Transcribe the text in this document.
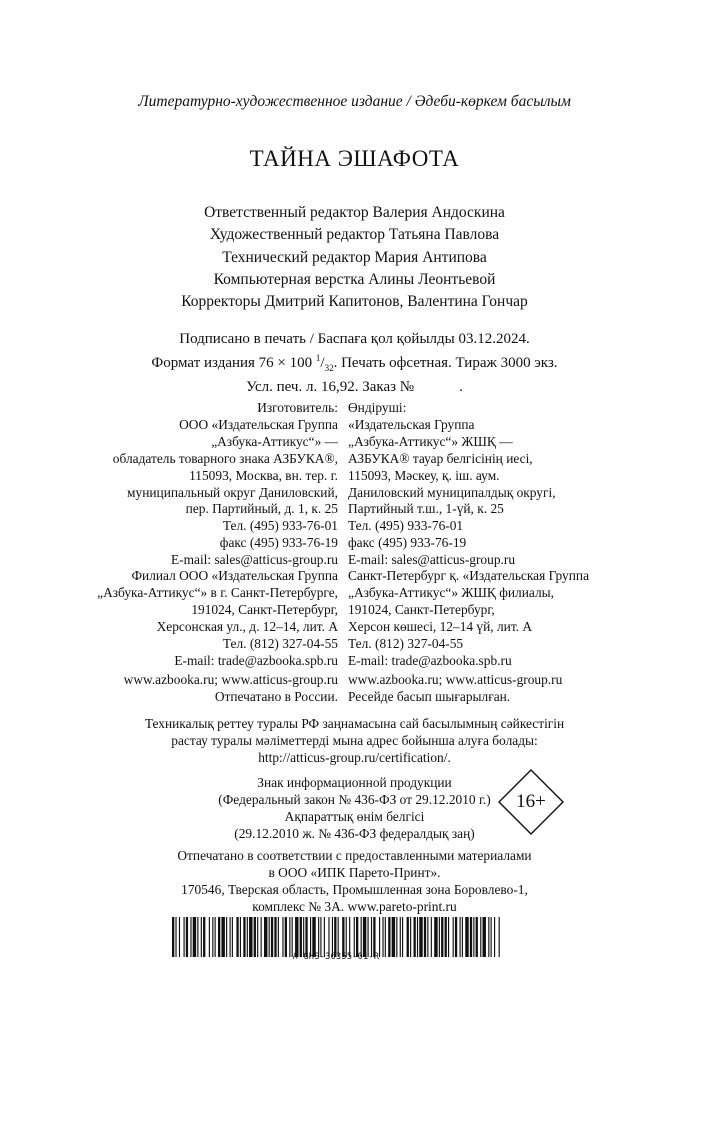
Литературно-художественное издание / Әдеби-көркем басылым
ТАЙНА ЭШАФОТА
Ответственный редактор Валерия Андоскина
Художественный редактор Татьяна Павлова
Технический редактор Мария Антипова
Компьютерная верстка Алины Леонтьевой
Корректоры Дмитрий Капитонов, Валентина Гончар
Подписано в печать / Баспаға қол қойылды 03.12.2024.
Формат издания 76 × 100 $^1/_{32}$. Печать офсетная. Тираж 3000 экз.
Усл. печ. л. 16,92. Заказ №            .
Изготовитель:
ООО «Издательская Группа
„Азбука-Аттикус“» —
обладатель товарного знака АЗБУКА®,
115093, Москва, вн. тер. г.
муниципальный округ Даниловский,
пер. Партийный, д. 1, к. 25
Тел. (495) 933-76-01
факс (495) 933-76-19
E-mail: sales@atticus-group.ru
Өндіруші:
«Издательская Группа
„Азбука-Аттикус“» ЖШҚ —
АЗБУКА® тауар белгісінің иесі,
115093, Мәскеу, қ. іш. аум.
Даниловский муниципалдық округі,
Партийный т.ш., 1-үй, к. 25
Тел. (495) 933-76-01
факс (495) 933-76-19
E-mail: sales@atticus-group.ru
Филиал ООО «Издательская Группа
„Азбука-Аттикус“» в г. Санкт-Петербурге,
191024, Санкт-Петербург,
Херсонская ул., д. 12–14, лит. А
Тел. (812) 327-04-55
E-mail: trade@azbooka.spb.ru
Санкт-Петербург қ. «Издательская Группа
„Азбука-Аттикус“» ЖШҚ филиалы,
191024, Санкт-Петербург,
Херсон көшесі, 12–14 үй, лит. А
Тел. (812) 327-04-55
E-mail: trade@azbooka.spb.ru
www.azbooka.ru; www.atticus-group.ru
Отпечатано в России.
www.azbooka.ru; www.atticus-group.ru
Ресейде басып шығарылған.
Техникалық реттеу туралы РФ заңнамасына сай басылымның сәйкестігін
растау туралы мәліметтерді мына адрес бойынша алуға болады:
http://atticus-group.ru/certification/.
Знак информационной продукции
(Федеральный закон № 436-ФЗ от 29.12.2010 г.)
Ақпараттық өнім белгісі
(29.12.2010 ж. № 436-ФЗ федералдық заң)
16+
Отпечатано в соответствии с предоставленными материалами
в ООО «ИПК Парето-Принт».
170546, Тверская область, Промышленная зона Боровлево-1,
комплекс № 3А. www.pareto-print.ru
A-GHS-36355-01-R
